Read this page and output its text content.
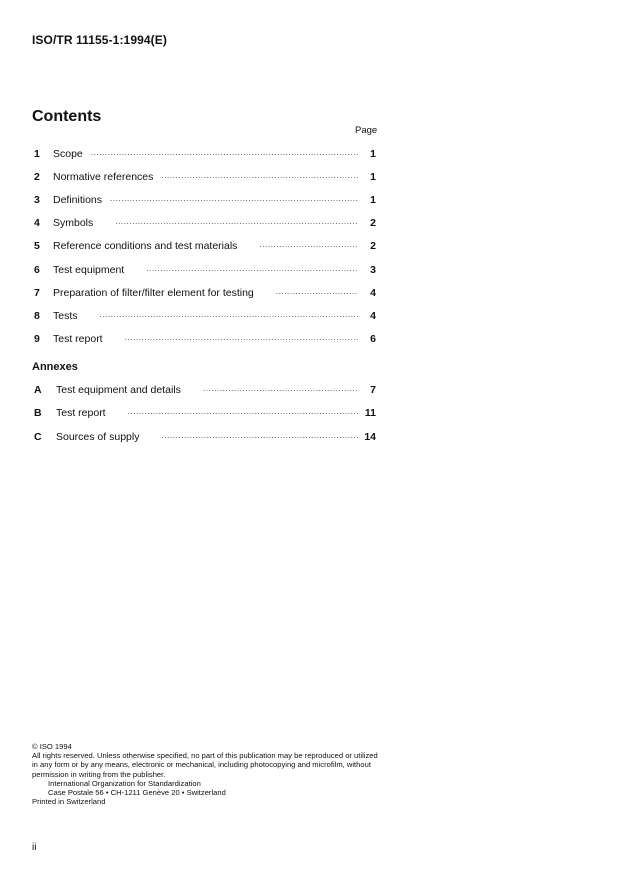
ISO/TR 11155-1:1994(E)
Contents
Page
1	Scope .....	1
2	Normative references .....	1
3	Definitions .....	1
4	Symbols .....	2
5	Reference conditions and test materials .....	2
6	Test equipment .....	3
7	Preparation of filter/filter element for testing .....	4
8	Tests .....	4
9	Test report .....	6
Annexes
A	Test equipment and details .....	7
B	Test report .....	11
C	Sources of supply .....	14

© ISO 1994

All rights reserved. Unless otherwise specified, no part of this publication may be reproduced or utilized in any form or by any means, electronic or mechanical, including photocopying and microfilm, without permission in writing from the publisher.

International Organization for Standardization

Case Postale 56 • CH-1211 Genève 20 • Switzerland

Printed in Switzerland

ii
